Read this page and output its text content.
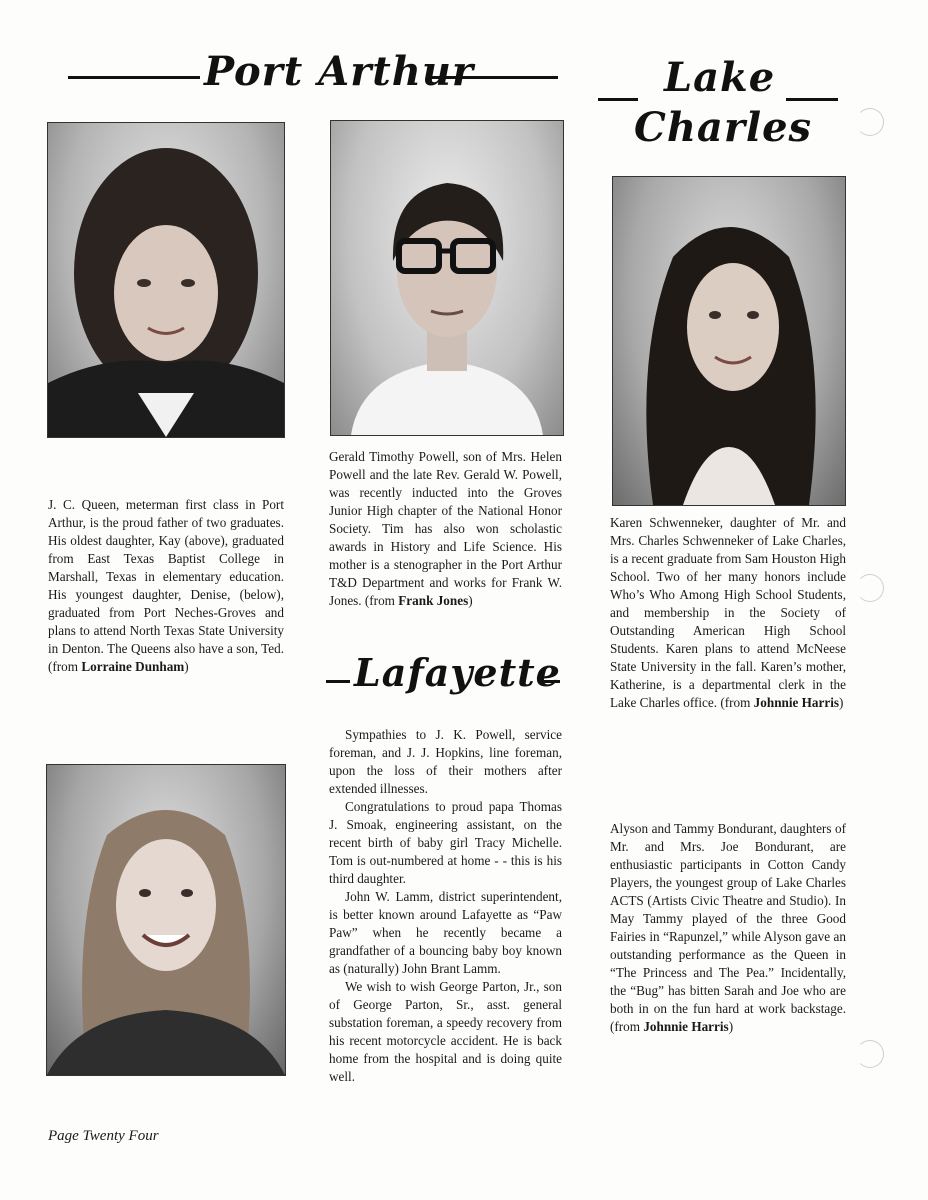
Port Arthur	Lake
Charles

J. C. Queen, meterman first class in Port Arthur, is the proud father of two graduates. His oldest daughter, Kay (above), graduated from East Texas Baptist College in Marshall, Texas in elementary education. His youngest daughter, Denise, (below), graduated from Port Neches-Groves and plans to attend North Texas State University in Denton. The Queens also have a son, Ted. (from Lorraine Dunham)

Gerald Timothy Powell, son of Mrs. Helen Powell and the late Rev. Gerald W. Powell, was recently inducted into the Groves Junior High chapter of the National Honor Society. Tim has also won scholastic awards in History and Life Science. His mother is a stenographer in the Port Arthur T&D Department and works for Frank W. Jones. (from Frank Jones)

Lafayette

Sympathies to J. K. Powell, service foreman, and J. J. Hopkins, line foreman, upon the loss of their mothers after extended illnesses.

Congratulations to proud papa Thomas J. Smoak, engineering assistant, on the recent birth of baby girl Tracy Michelle. Tom is out-numbered at home - - this is his third daughter.

John W. Lamm, district superintendent, is better known around Lafayette as “Paw Paw” when he recently became a grandfather of a bouncing baby boy known as (naturally) John Brant Lamm.

We wish to wish George Parton, Jr., son of George Parton, Sr., asst. general substation foreman, a speedy recovery from his recent motorcycle accident. He is back home from the hospital and is doing quite well.

Karen Schwenneker, daughter of Mr. and Mrs. Charles Schwenneker of Lake Charles, is a recent graduate from Sam Houston High School. Two of her many honors include Who’s Who Among High School Students, and membership in the Society of Outstanding American High School Students. Karen plans to attend McNeese State University in the fall. Karen’s mother, Katherine, is a departmental clerk in the Lake Charles office. (from Johnnie Harris)

Alyson and Tammy Bondurant, daughters of Mr. and Mrs. Joe Bondurant, are enthusiastic participants in Cotton Candy Players, the youngest group of Lake Charles ACTS (Artists Civic Theatre and Studio). In May Tammy played of the three Good Fairies in “Rapunzel,” while Alyson gave an outstanding performance as the Queen in “The Princess and The Pea.” Incidentally, the “Bug” has bitten Sarah and Joe who are both in on the fun hard at work backstage. (from Johnnie Harris)

Page Twenty Four
